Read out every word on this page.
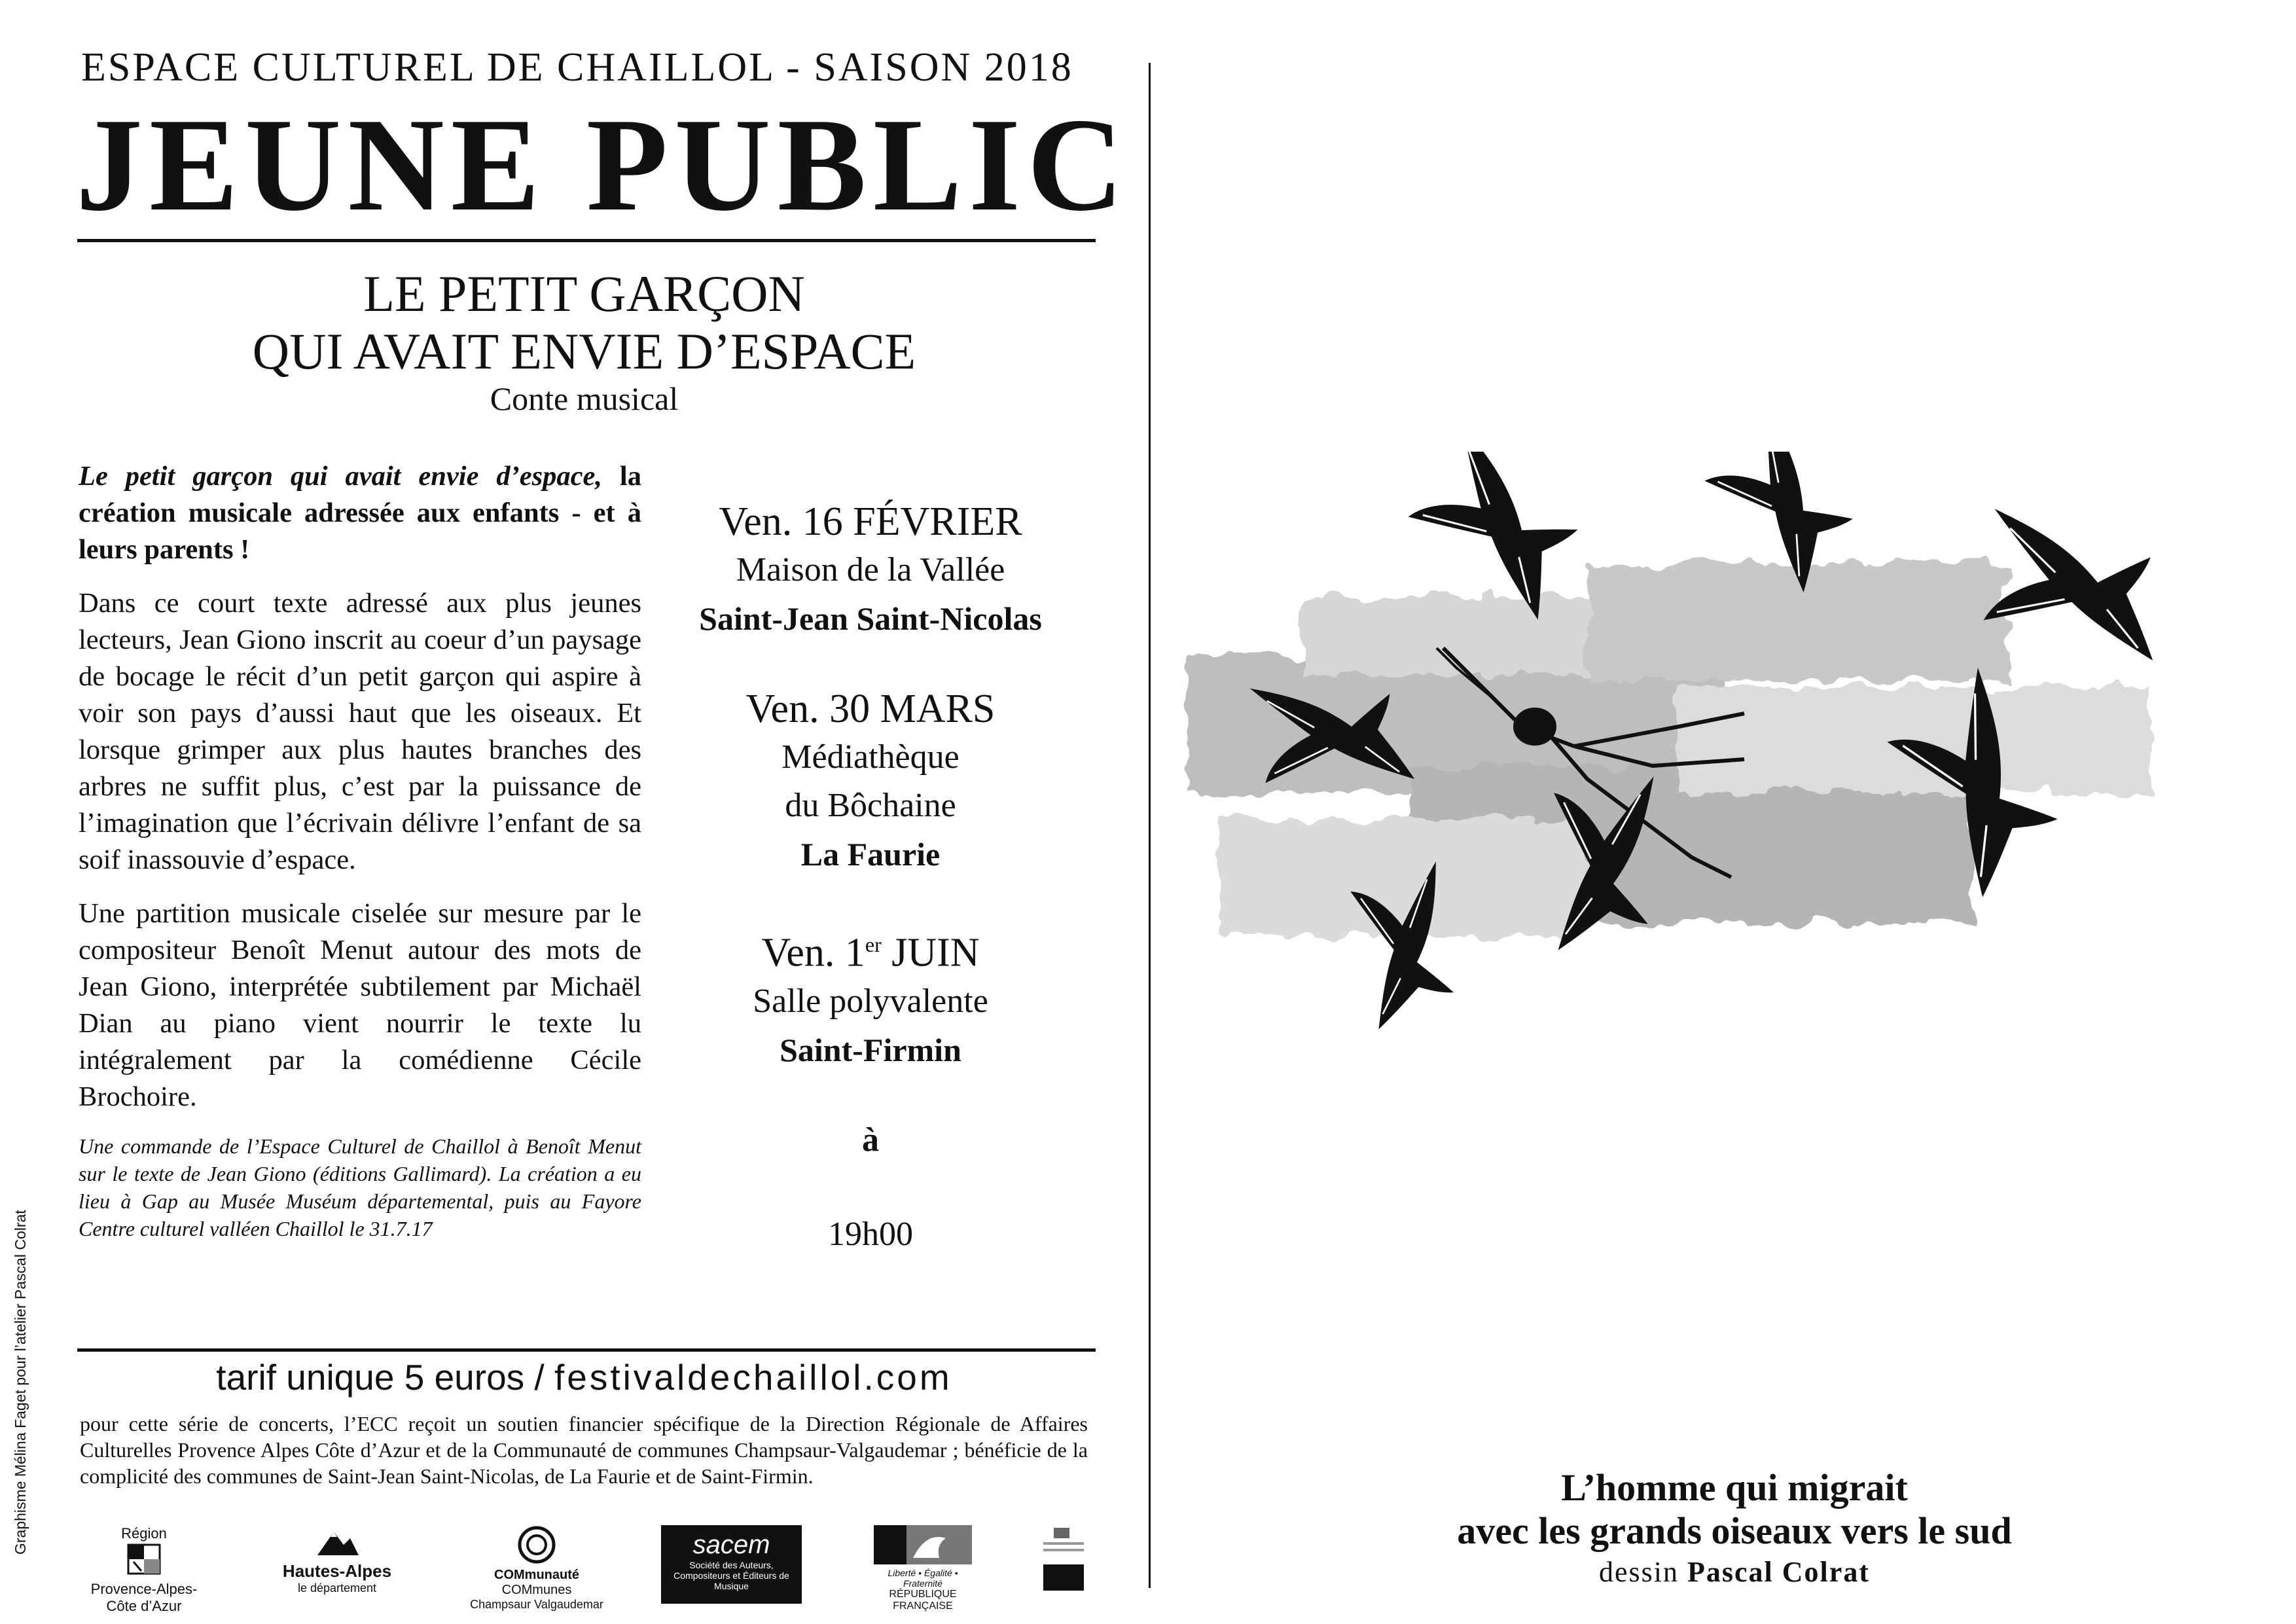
ESPACE CULTUREL DE CHAILLOL - SAISON 2018
JEUNE PUBLIC
LE PETIT GARÇON
QUI AVAIT ENVIE D’ESPACE
Conte musical

Le petit garçon qui avait envie d’espace, la création musicale adressée aux enfants - et à leurs parents !

Dans ce court texte adressé aux plus jeunes lecteurs, Jean Giono inscrit au coeur d’un paysage de bocage le récit d’un petit garçon qui aspire à voir son pays d’aussi haut que les oiseaux. Et lorsque grimper aux plus hautes branches des arbres ne suffit plus, c’est par la puissance de l’imagination que l’écrivain délivre l’enfant de sa soif inassouvie d’espace.

Une partition musicale ciselée sur mesure par le compositeur Benoît Menut autour des mots de Jean Giono, interprétée subtilement par Michaël Dian au piano vient nourrir le texte lu intégralement par la comédienne Cécile Brochoire.

Une commande de l’Espace Culturel de Chaillol à Benoît Menut sur le texte de Jean Giono (éditions Gallimard). La création a eu lieu à Gap au Musée Muséum départemental, puis au Fayore Centre culturel valléen Chaillol le 31.7.17

Ven. 16 FÉVRIER
Maison de la Vallée
Saint-Jean Saint-Nicolas
Ven. 30 MARS
Médiathèque
du Bôchaine
La Faurie
Ven. 1er JUIN
Salle polyvalente
Saint-Firmin
à
19h00
tarif unique 5 euros / festivaldechaillol.com
pour cette série de concerts, l’ECC reçoit un soutien financier spécifique de la Direction Régionale de Affaires Culturelles Provence Alpes Côte d’Azur et de la Communauté de communes Champsaur-Valgaudemar ; bénéficie de la complicité des communes de Saint-Jean Saint-Nicolas, de La Faurie et de Saint-Firmin.
Graphisme Mélina Faget pour l’atelier Pascal Colrat	Région
Provence-Alpes-Côte d’Azur
Hautes-Alpes
le département
COMmunauté
COMmunes
Champsaur Valgaudemar
sacem
Société des Auteurs, Compositeurs et Éditeurs de Musique
Liberté • Égalité • Fraternité
RÉPUBLIQUE FRANÇAISE
L’homme qui migrait
avec les grands oiseaux vers le sud
dessin Pascal Colrat
